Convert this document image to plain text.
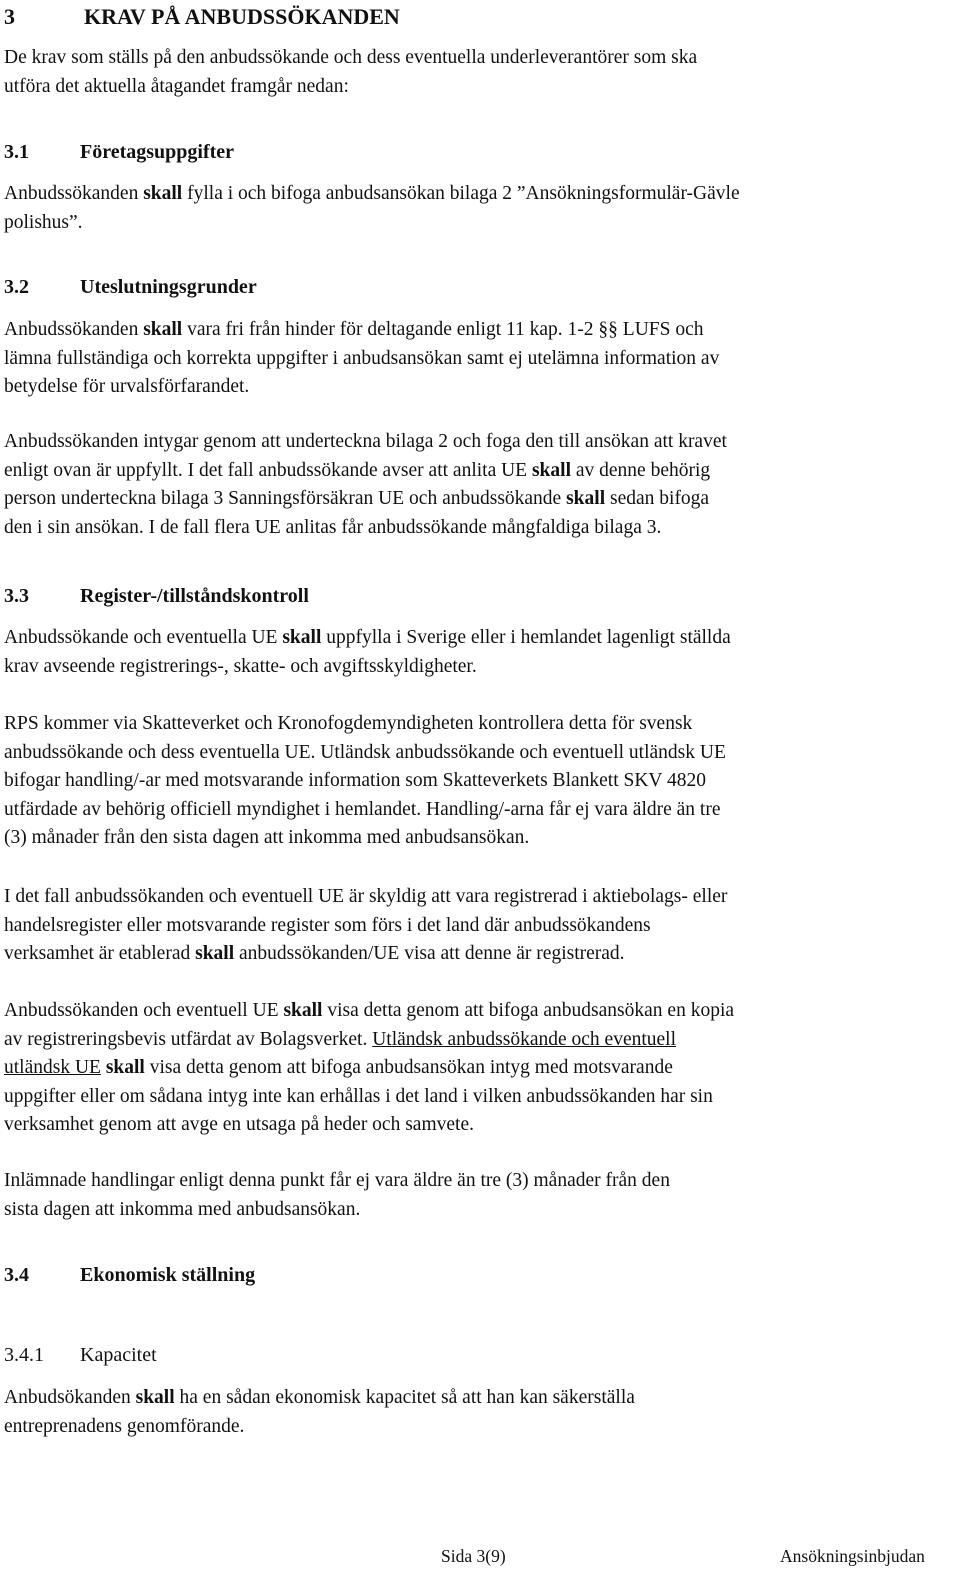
3	KRAV PÅ ANBUDSSÖKANDEN
De krav som ställs på den anbudssökande och dess eventuella underleverantörer som ska
utföra det aktuella åtagandet framgår nedan:
3.1	Företagsuppgifter
Anbudssökanden skall fylla i och bifoga anbudsansökan bilaga 2 ”Ansökningsformulär-Gävle
polishus”.
3.2	Uteslutningsgrunder
Anbudssökanden skall vara fri från hinder för deltagande enligt 11 kap. 1-2 §§ LUFS och
lämna fullständiga och korrekta uppgifter i anbudsansökan samt ej utelämna information av
betydelse för urvalsförfarandet.
Anbudssökanden intygar genom att underteckna bilaga 2 och foga den till ansökan att kravet
enligt ovan är uppfyllt. I det fall anbudssökande avser att anlita UE skall av denne behörig
person underteckna bilaga 3 Sanningsförsäkran UE och anbudssökande skall sedan bifoga
den i sin ansökan. I de fall flera UE anlitas får anbudssökande mångfaldiga bilaga 3.
3.3	Register-/tillståndskontroll
Anbudssökande och eventuella UE skall uppfylla i Sverige eller i hemlandet lagenligt ställda
krav avseende registrerings-, skatte- och avgiftsskyldigheter.
RPS kommer via Skatteverket och Kronofogdemyndigheten kontrollera detta för svensk
anbudssökande och dess eventuella UE. Utländsk anbudssökande och eventuell utländsk UE
bifogar handling/-ar med motsvarande information som Skatteverkets Blankett SKV 4820
utfärdade av behörig officiell myndighet i hemlandet. Handling/-arna får ej vara äldre än tre
(3) månader från den sista dagen att inkomma med anbudsansökan.
I det fall anbudssökanden och eventuell UE är skyldig att vara registrerad i aktiebolags- eller
handelsregister eller motsvarande register som förs i det land där anbudssökandens
verksamhet är etablerad skall anbudssökanden/UE visa att denne är registrerad.
Anbudssökanden och eventuell UE skall visa detta genom att bifoga anbudsansökan en kopia
av registreringsbevis utfärdat av Bolagsverket. Utländsk anbudssökande och eventuell
utländsk UE skall visa detta genom att bifoga anbudsansökan intyg med motsvarande
uppgifter eller om sådana intyg inte kan erhållas i det land i vilken anbudssökanden har sin
verksamhet genom att avge en utsaga på heder och samvete.
Inlämnade handlingar enligt denna punkt får ej vara äldre än tre (3) månader från den
sista dagen att inkomma med anbudsansökan.
3.4	Ekonomisk ställning
3.4.1 Kapacitet
Anbudsökanden skall ha en sådan ekonomisk kapacitet så att han kan säkerställa
entreprenadens genomförande.
Sida 3(9)	Ansökningsinbjudan
